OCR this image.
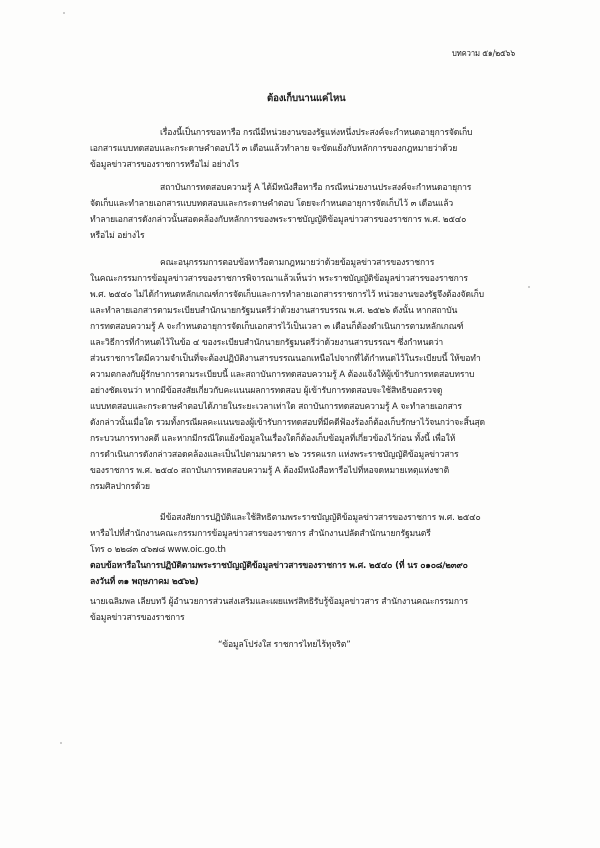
บทความ ๕๑/๒๕๖๖
ต้องเก็บนานแค่ไหน
เรื่องนี้เป็นการขอหารือ กรณีมีหน่วยงานของรัฐแห่งหนึ่งประสงค์จะกำหนดอายุการจัดเก็บ
เอกสารแบบทดสอบและกระดาษคำตอบไว้ ๓ เดือนแล้วทำลาย จะขัดแย้งกับหลักการของกฎหมายว่าด้วย
ข้อมูลข่าวสารของราชการหรือไม่ อย่างไร
สถาบันการทดสอบความรู้ A ได้มีหนังสือหารือ กรณีหน่วยงานประสงค์จะกำหนดอายุการ
จัดเก็บและทำลายเอกสารแบบทดสอบและกระดาษคำตอบ โดยจะกำหนดอายุการจัดเก็บไว้ ๓ เดือนแล้ว
ทำลายเอกสารดังกล่าวนั้นสอดคล้องกับหลักการของพระราชบัญญัติข้อมูลข่าวสารของราชการ พ.ศ. ๒๕๔๐
หรือไม่ อย่างไร
คณะอนุกรรมการตอบข้อหารือตามกฎหมายว่าด้วยข้อมูลข่าวสารของราชการ
ในคณะกรรมการข้อมูลข่าวสารของราชการพิจารณาแล้วเห็นว่า พระราชบัญญัติข้อมูลข่าวสารของราชการ
พ.ศ. ๒๕๔๐ ไม่ได้กำหนดหลักเกณฑ์การจัดเก็บและการทำลายเอกสารราชการไว้ หน่วยงานของรัฐจึงต้องจัดเก็บ
และทำลายเอกสารตามระเบียบสำนักนายกรัฐมนตรีว่าด้วยงานสารบรรณ พ.ศ. ๒๕๒๖ ดังนั้น หากสถาบัน
การทดสอบความรู้ A จะกำหนดอายุการจัดเก็บเอกสารไว้เป็นเวลา ๓ เดือนก็ต้องดำเนินการตามหลักเกณฑ์
และวิธีการที่กำหนดไว้ในข้อ ๔ ของระเบียบสำนักนายกรัฐมนตรีว่าด้วยงานสารบรรณฯ ซึ่งกำหนดว่า
ส่วนราชการใดมีความจำเป็นที่จะต้องปฏิบัติงานสารบรรณนอกเหนือไปจากที่ได้กำหนดไว้ในระเบียบนี้ ให้ขอทำ
ความตกลงกับผู้รักษาการตามระเบียบนี้ และสถาบันการทดสอบความรู้ A ต้องแจ้งให้ผู้เข้ารับการทดสอบทราบ
อย่างชัดเจนว่า หากมีข้อสงสัยเกี่ยวกับคะแนนผลการทดสอบ ผู้เข้ารับการทดสอบจะใช้สิทธิขอตรวจดู
แบบทดสอบและกระดาษคำตอบได้ภายในระยะเวลาเท่าใด สถาบันการทดสอบความรู้ A จะทำลายเอกสาร
ดังกล่าวนั้นเมื่อใด รวมทั้งกรณีผลคะแนนของผู้เข้ารับการทดสอบที่มีคดีฟ้องร้องก็ต้องเก็บรักษาไว้จนกว่าจะสิ้นสุด
กระบวนการทางคดี และหากมีกรณีใดแย้งข้อมูลในเรื่องใดก็ต้องเก็บข้อมูลที่เกี่ยวข้องไว้ก่อน ทั้งนี้ เพื่อให้
การดำเนินการดังกล่าวสอดคล้องและเป็นไปตามมาตรา ๒๖ วรรคแรก แห่งพระราชบัญญัติข้อมูลข่าวสาร
ของราชการ พ.ศ. ๒๕๔๐ สถาบันการทดสอบความรู้ A ต้องมีหนังสือหารือไปที่หอจดหมายเหตุแห่งชาติ
กรมศิลปากรด้วย
มีข้อสงสัยการปฏิบัติและใช้สิทธิตามพระราชบัญญัติข้อมูลข่าวสารของราชการ พ.ศ. ๒๕๔๐
หารือไปที่สำนักงานคณะกรรมการข้อมูลข่าวสารของราชการ สำนักงานปลัดสำนักนายกรัฐมนตรี
โทร ๐ ๒๒๘๓ ๔๖๗๘ www.oic.go.th
ตอบข้อหารือในการปฏิบัติตามพระราชบัญญัติข้อมูลข่าวสารของราชการ พ.ศ. ๒๕๔๐ (ที่ นร ๐๑๐๘/๒๓๙๐
ลงวันที่ ๓๑ พฤษภาคม ๒๕๖๒)
นายเฉลิมพล เลียบทวี ผู้อำนวยการส่วนส่งเสริมและเผยแพร่สิทธิรับรู้ข้อมูลข่าวสาร สำนักงานคณะกรรมการ
ข้อมูลข่าวสารของราชการ
“ข้อมูลโปร่งใส ราชการไทยไร้ทุจริต”
